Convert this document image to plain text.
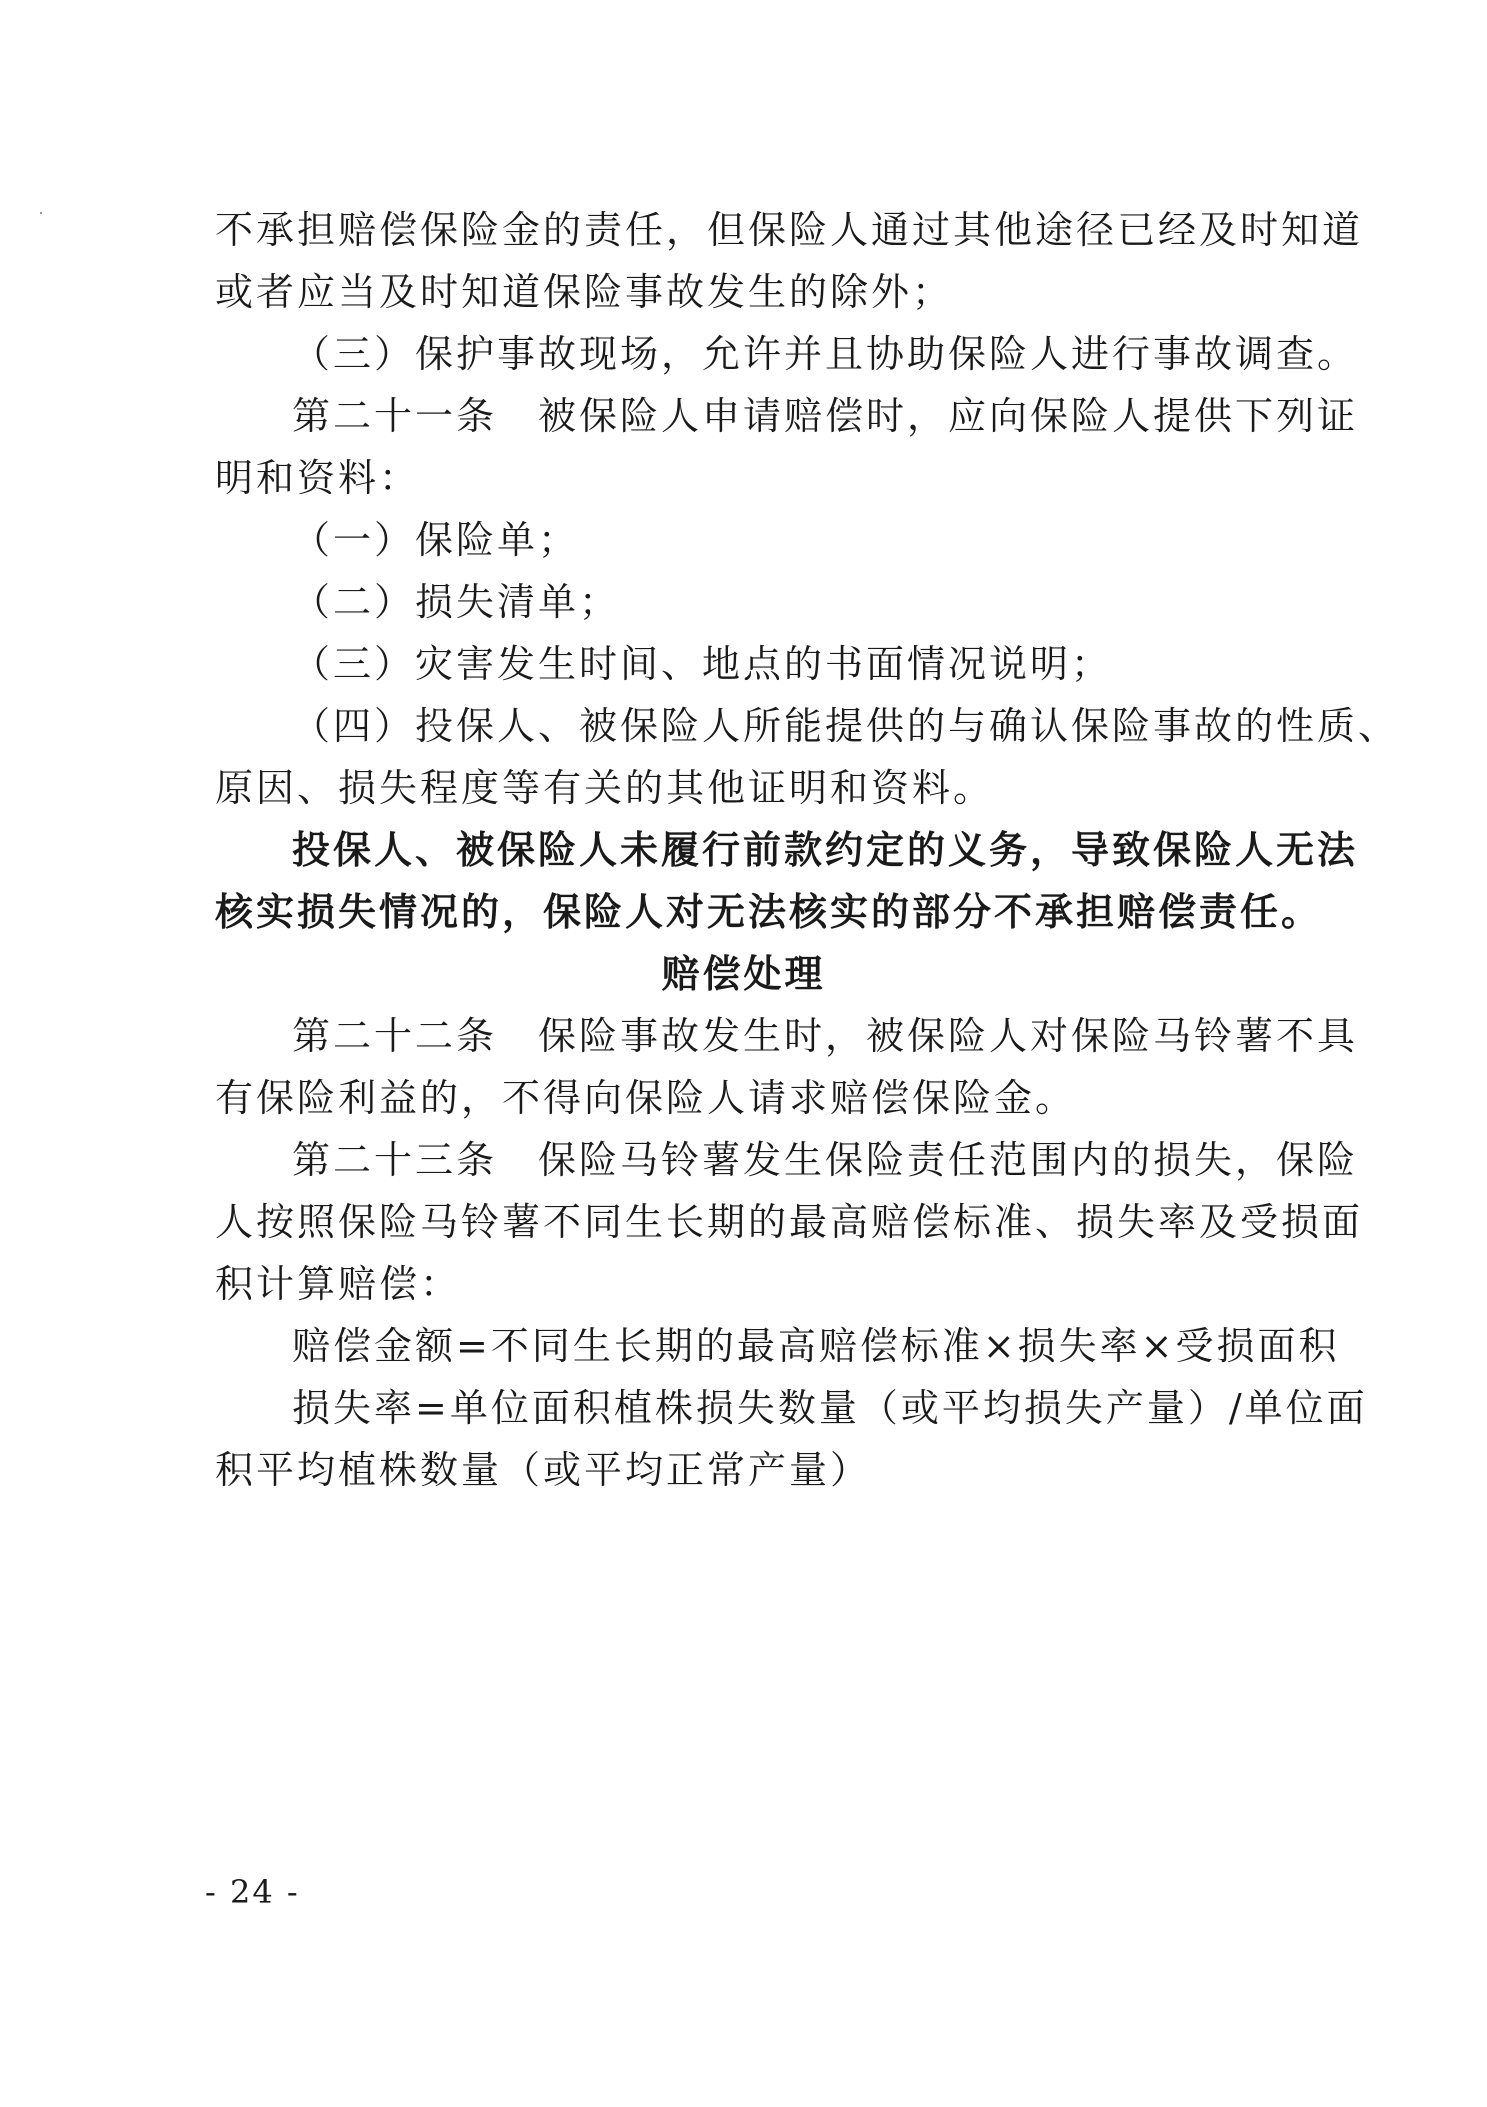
不承担赔偿保险金的责任，但保险人通过其他途径已经及时知道
或者应当及时知道保险事故发生的除外；
（三）保护事故现场，允许并且协助保险人进行事故调查。
第二十一条　被保险人申请赔偿时，应向保险人提供下列证
明和资料：
（一）保险单；
（二）损失清单；
（三）灾害发生时间、地点的书面情况说明；
（四）投保人、被保险人所能提供的与确认保险事故的性质、
原因、损失程度等有关的其他证明和资料。
投保人、被保险人未履行前款约定的义务，导致保险人无法
核实损失情况的，保险人对无法核实的部分不承担赔偿责任。
赔偿处理
第二十二条　保险事故发生时，被保险人对保险马铃薯不具
有保险利益的，不得向保险人请求赔偿保险金。
第二十三条　保险马铃薯发生保险责任范围内的损失，保险
人按照保险马铃薯不同生长期的最高赔偿标准、损失率及受损面
积计算赔偿：
赔偿金额=不同生长期的最高赔偿标准×损失率×受损面积
损失率=单位面积植株损失数量（或平均损失产量）/单位面
积平均植株数量（或平均正常产量）
- 24 -
